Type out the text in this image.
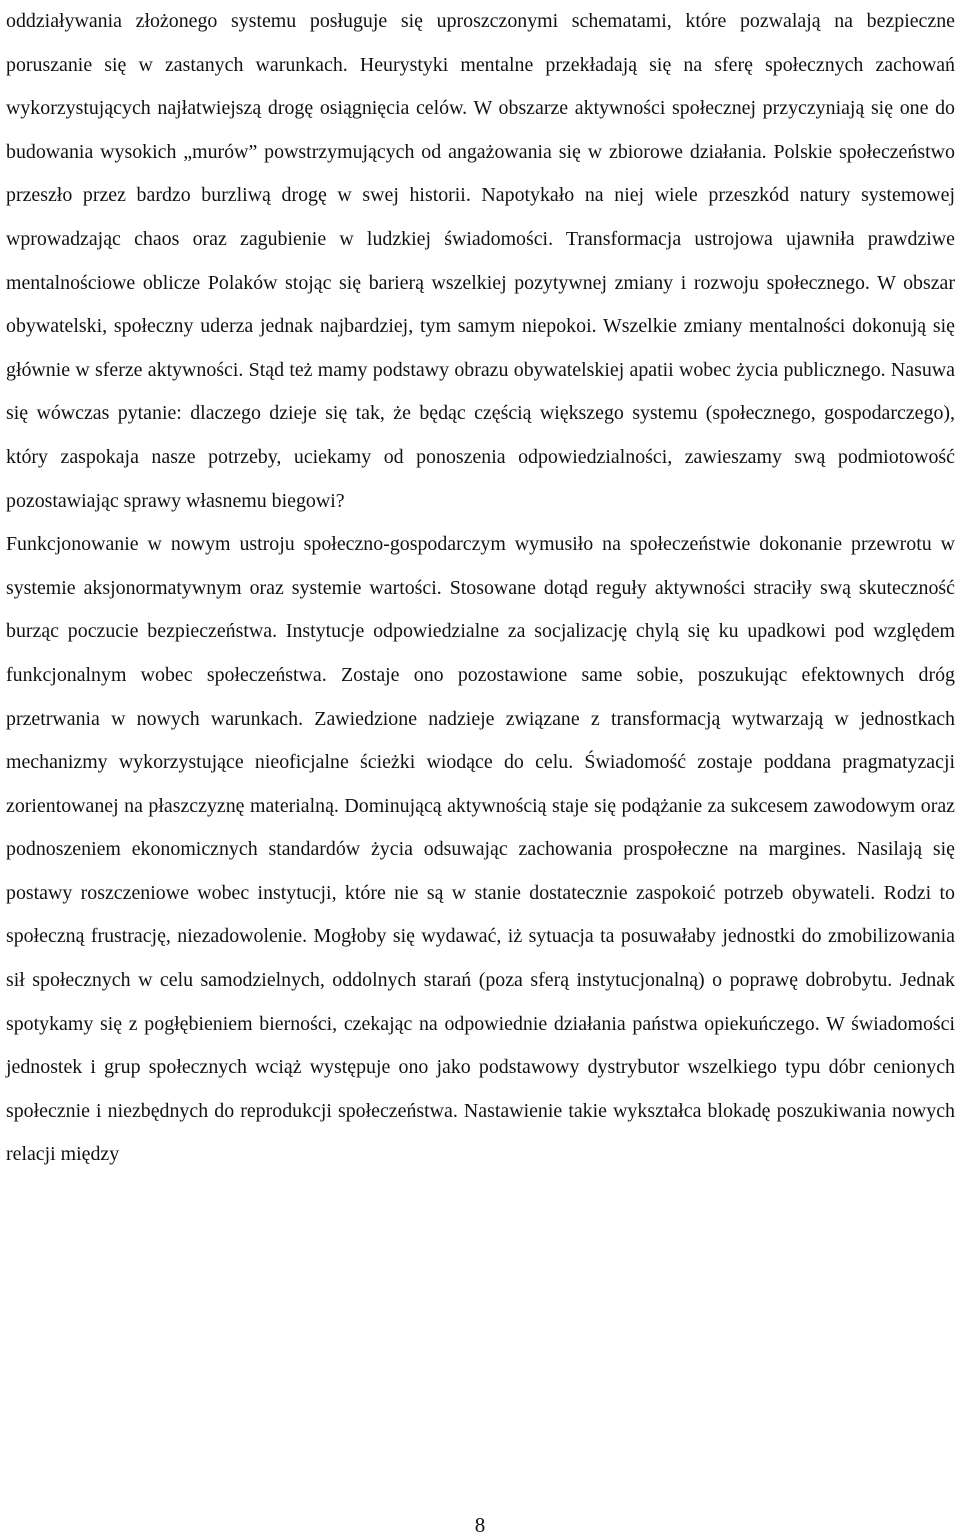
oddziaływania złożonego systemu posługuje się uproszczonymi schematami, które pozwalają na bezpieczne poruszanie się w zastanych warunkach. Heurystyki mentalne przekładają się na sferę społecznych zachowań wykorzystujących najłatwiejszą drogę osiągnięcia celów. W obszarze aktywności społecznej przyczyniają się one do budowania wysokich „murów” powstrzymujących od angażowania się w zbiorowe działania. Polskie społeczeństwo przeszło przez bardzo burzliwą drogę w swej historii. Napotykało na niej wiele przeszkód natury systemowej wprowadzając chaos oraz zagubienie w ludzkiej świadomości. Transformacja ustrojowa ujawniła prawdziwe mentalnościowe oblicze Polaków stojąc się barierą wszelkiej pozytywnej zmiany i rozwoju społecznego. W obszar obywatelski, społeczny uderza jednak najbardziej, tym samym niepokoi. Wszelkie zmiany mentalności dokonują się głównie w sferze aktywności. Stąd też mamy podstawy obrazu obywatelskiej apatii wobec życia publicznego. Nasuwa się wówczas pytanie: dlaczego dzieje się tak, że będąc częścią większego systemu (społecznego, gospodarczego), który zaspokaja nasze potrzeby, uciekamy od ponoszenia odpowiedzialności, zawieszamy swą podmiotowość pozostawiając sprawy własnemu biegowi?

Funkcjonowanie w nowym ustroju społeczno-gospodarczym wymusiło na społeczeństwie dokonanie przewrotu w systemie aksjonormatywnym oraz systemie wartości. Stosowane dotąd reguły aktywności straciły swą skuteczność burząc poczucie bezpieczeństwa. Instytucje odpowiedzialne za socjalizację chylą się ku upadkowi pod względem funkcjonalnym wobec społeczeństwa. Zostaje ono pozostawione same sobie, poszukując efektownych dróg przetrwania w nowych warunkach. Zawiedzione nadzieje związane z transformacją wytwarzają w jednostkach mechanizmy wykorzystujące nieoficjalne ścieżki wiodące do celu. Świadomość zostaje poddana pragmatyzacji zorientowanej na płaszczyznę materialną. Dominującą aktywnością staje się podążanie za sukcesem zawodowym oraz podnoszeniem ekonomicznych standardów życia odsuwając zachowania prospołeczne na margines. Nasilają się postawy roszczeniowe wobec instytucji, które nie są w stanie dostatecznie zaspokoić potrzeb obywateli. Rodzi to społeczną frustrację, niezadowolenie. Mogłoby się wydawać, iż sytuacja ta posuwałaby jednostki do zmobilizowania sił społecznych w celu samodzielnych, oddolnych starań (poza sferą instytucjonalną) o poprawę dobrobytu. Jednak spotykamy się z pogłębieniem bierności, czekając na odpowiednie działania państwa opiekuńczego. W świadomości jednostek i grup społecznych wciąż występuje ono jako podstawowy dystrybutor wszelkiego typu dóbr cenionych społecznie i niezbędnych do reprodukcji społeczeństwa. Nastawienie takie wykształca blokadę poszukiwania nowych relacji między

8
